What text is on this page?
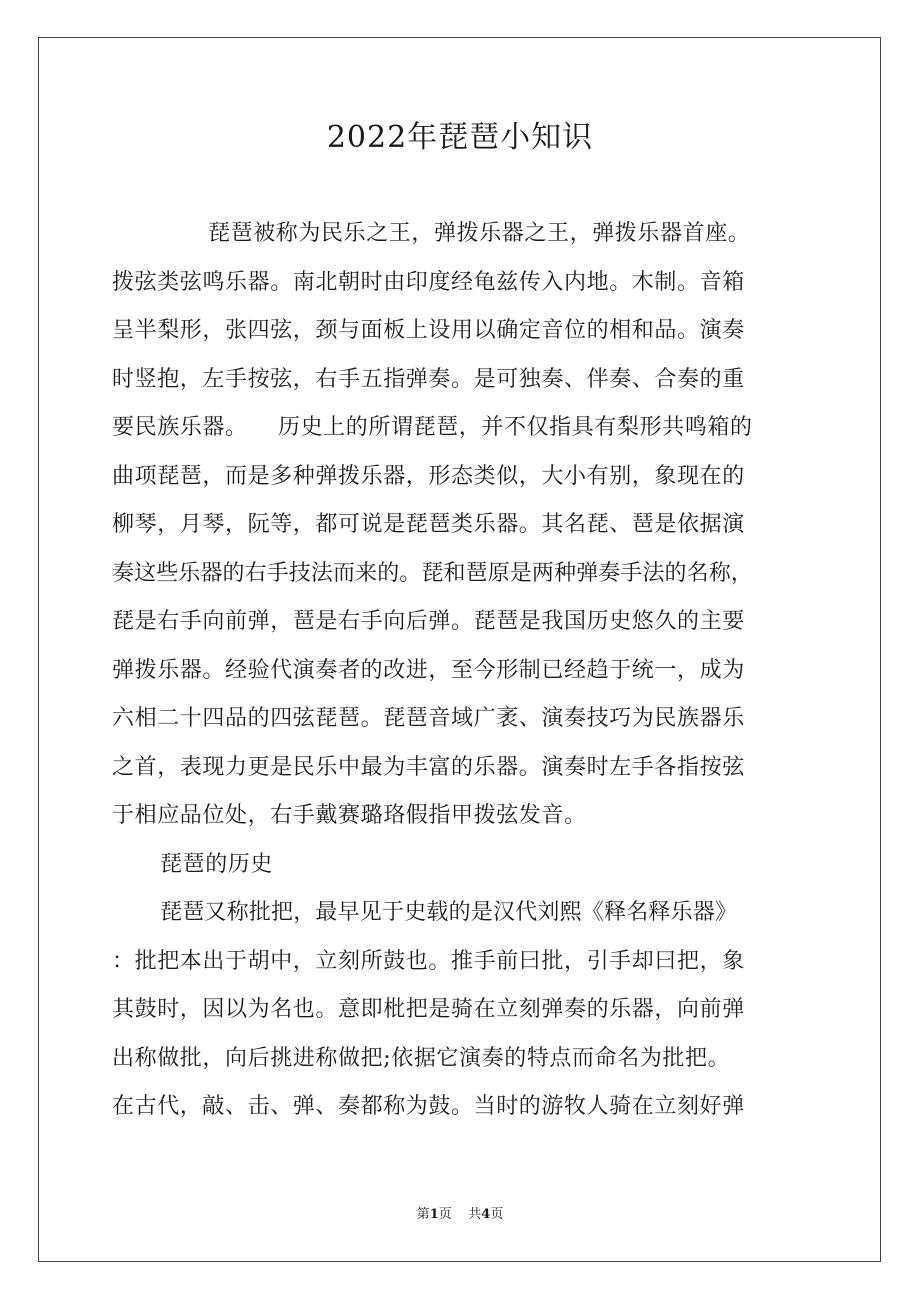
2022年琵琶小知识
琵琶被称为民乐之王，弹拨乐器之王，弹拨乐器首座。
拨弦类弦鸣乐器。南北朝时由印度经龟兹传入内地。木制。音箱
呈半梨形，张四弦，颈与面板上设用以确定音位的相和品。演奏
时竖抱，左手按弦，右手五指弹奏。是可独奏、伴奏、合奏的重
要民族乐器。    历史上的所谓琵琶，并不仅指具有梨形共鸣箱的
曲项琵琶，而是多种弹拨乐器，形态类似，大小有别，象现在的
柳琴，月琴，阮等，都可说是琵琶类乐器。其名琵、琶是依据演
奏这些乐器的右手技法而来的。琵和琶原是两种弹奏手法的名称，
琵是右手向前弹，琶是右手向后弹。琵琶是我国历史悠久的主要
弹拨乐器。经验代演奏者的改进，至今形制已经趋于统一，成为
六相二十四品的四弦琵琶。琵琶音域广袤、演奏技巧为民族器乐
之首，表现力更是民乐中最为丰富的乐器。演奏时左手各指按弦
于相应品位处，右手戴赛璐珞假指甲拨弦发音。
琵琶的历史
琵琶又称批把，最早见于史载的是汉代刘熙《释名释乐器》
：批把本出于胡中，立刻所鼓也。推手前曰批，引手却曰把，象
其鼓时，因以为名也。意即枇把是骑在立刻弹奏的乐器，向前弹
出称做批，向后挑进称做把;依据它演奏的特点而命名为批把。
在古代，敲、击、弹、奏都称为鼓。当时的游牧人骑在立刻好弹
第1页    共4页
